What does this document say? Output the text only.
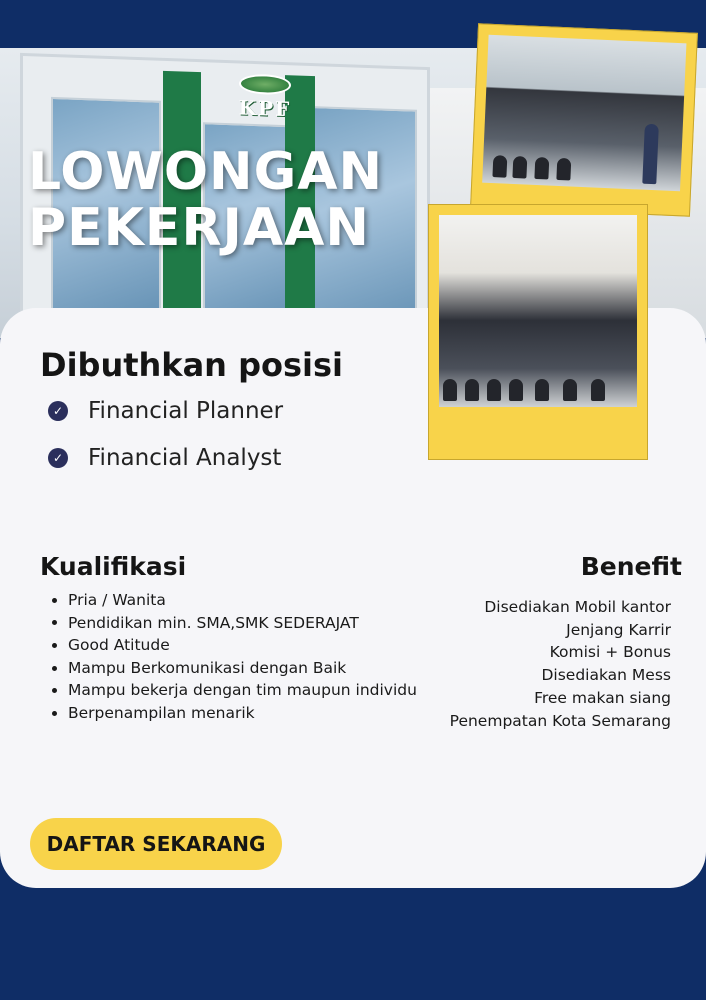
KPF
LOWONGAN
PEKERJAAN
Dibuthkan posisi
✓ Financial Planner
✓ Financial Analyst
Kualifikasi	Benefit
Pria / Wanita
Pendidikan min. SMA,SMK SEDERAJAT
Good Atitude
Mampu Berkomunikasi dengan Baik
Mampu bekerja dengan tim maupun individu
Berpenampilan menarik
Disediakan Mobil kantor
Jenjang Karrir
Komisi + Bonus
Disediakan Mess
Free makan siang
Penempatan Kota Semarang
DAFTAR SEKARANG
